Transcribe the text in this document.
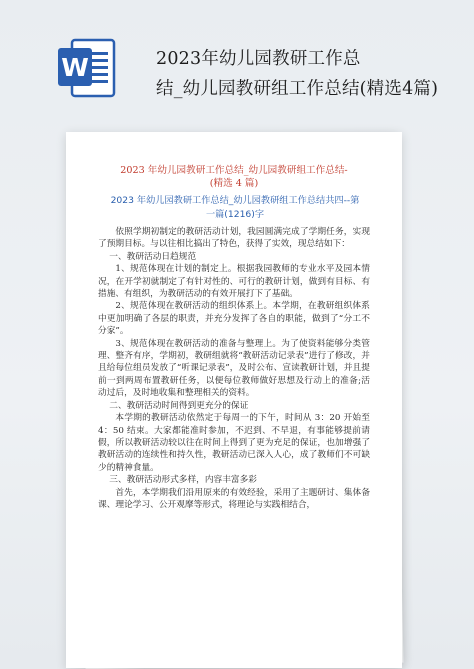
W	2023年幼儿园教研工作总
结_幼儿园教研组工作总结(精选4篇)
2023 年幼儿园教研工作总结_幼儿园教研组工作总结-
(精选 4 篇)
2023 年幼儿园教研工作总结_幼儿园教研组工作总结共四--第
一篇(1216)字

依照学期初制定的教研活动计划，我园圆满完成了学期任务，实现了预期目标。与以往相比搞出了特色，获得了实效，现总结如下：

一、教研活动日趋规范

1、规范体现在计划的制定上。根据我园教师的专业水平及园本情况，在开学初就制定了有针对性的、可行的教研计划，做到有目标、有措施、有组织，为教研活动的有效开展打下了基础。

2、规范体现在教研活动的组织体系上。本学期，在教研组织体系中更加明确了各层的职责，并充分发挥了各自的职能，做到了“分工不分家”。

3、规范体现在教研活动的准备与整理上。为了使资料能够分类管理、整齐有序，学期初，教研组就将“教研活动记录表”进行了修改，并且给每位组员发放了“听课记录表”，及时公布、宣读教研计划，并且提前一到两周布置教研任务，以便每位教师做好思想及行动上的准备;活动过后，及时地收集和整理相关的资料。

二、教研活动时间得到更充分的保证

本学期的教研活动依然定于每周一的下午，时间从 3：20 开始至4：50 结束。大家都能准时参加，不迟到、不早退，有事能够提前请假，所以教研活动较以往在时间上得到了更为充足的保证，也加增强了教研活动的连续性和持久性，教研活动已深入人心，成了教师们不可缺少的精神食量。

三、教研活动形式多样，内容丰富多彩

首先，本学期我们沿用原来的有效经验，采用了主题研讨、集体备课、理论学习、公开观摩等形式，将理论与实践相结合，
